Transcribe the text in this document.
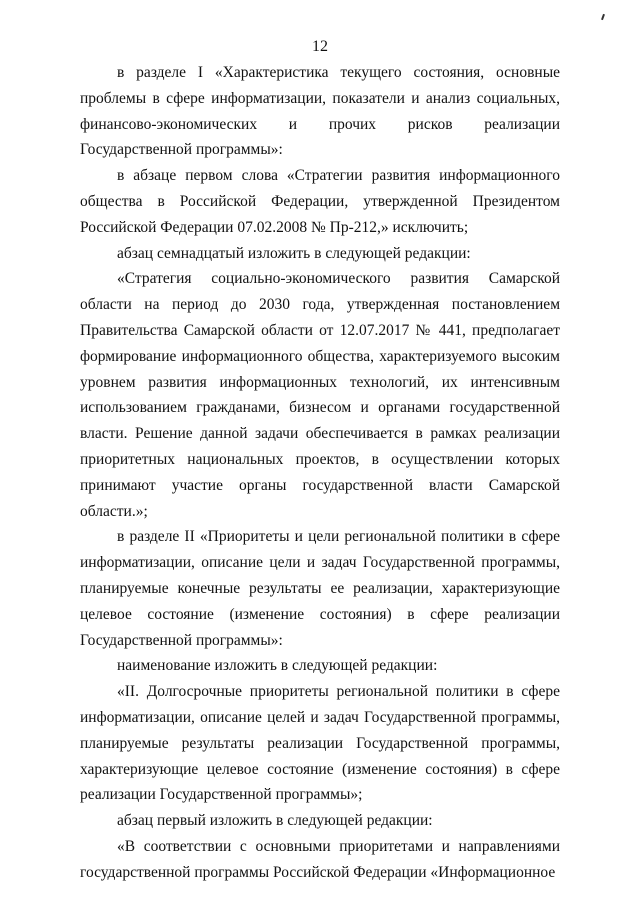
12

в разделе I «Характеристика текущего состояния, основные проблемы в сфере информатизации, показатели и анализ социальных, финансово-экономических и прочих рисков реализации Государственной программы»:

в абзаце первом слова «Стратегии развития информационного общества в Российской Федерации, утвержденной Президентом Российской Федерации 07.02.2008 № Пр-212,» исключить;

абзац семнадцатый изложить в следующей редакции:

«Стратегия социально-экономического развития Самарской области на период до 2030 года, утвержденная постановлением Правительства Самарской области от 12.07.2017 № 441, предполагает формирование информационного общества, характеризуемого высоким уровнем развития информационных технологий, их интенсивным использованием гражданами, бизнесом и органами государственной власти. Решение данной задачи обеспечивается в рамках реализации приоритетных национальных проектов, в осуществлении которых принимают участие органы государственной власти Самарской области.»;

в разделе II «Приоритеты и цели региональной политики в сфере информатизации, описание цели и задач Государственной программы, планируемые конечные результаты ее реализации, характеризующие целевое состояние (изменение состояния) в сфере реализации Государственной программы»:

наименование изложить в следующей редакции:

«II. Долгосрочные приоритеты региональной политики в сфере информатизации, описание целей и задач Государственной программы, планируемые результаты реализации Государственной программы, характеризующие целевое состояние (изменение состояния) в сфере реализации Государственной программы»;

абзац первый изложить в следующей редакции:

«В соответствии с основными приоритетами и направлениями государственной программы Российской Федерации «Информационное
